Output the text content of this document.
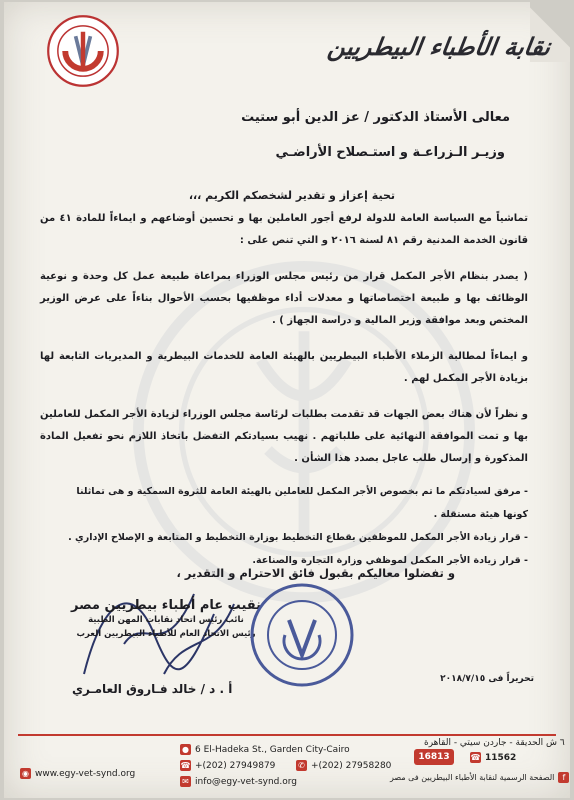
نقابة الأطباء البيطريين
معالى الأستاذ الدكتور / عز الدين أبو ستيت
وزيـر الـزراعـة و استـصلاح الأراضـي
تحية إعزاز و تقدير لشخصكم الكريم ،،،
تماشياً مع السياسة العامة للدولة لرفع أجور العاملين بها و تحسين أوضاعهم و ايماءاً للمادة ٤١ من قانون الخدمة المدنية رقم ٨١ لسنة ٢٠١٦ و التي تنص على :
( يصدر بنظام الأجر المكمل قرار من رئيس مجلس الوزراء بمراعاة طبيعة عمل كل وحدة و نوعية الوظائف بها و طبيعة اختصاصاتها و معدلات أداء موظفيها بحسب الأحوال بناءاً على عرض الوزير المختص وبعد موافقة وزير المالية و دراسة الجهاز ) .
و ايماءاً لمطالبة الزملاء الأطباء البيطريين بالهيئة العامة للخدمات البيطرية و المديريات التابعة لها بزيادة الأجر المكمل لهم .
و نظراً لأن هناك بعض الجهات قد تقدمت بطلبات لرئاسة مجلس الوزراء لزيادة الأجر المكمل للعاملين بها و تمت الموافقة النهائية على طلباتهم . نهيب بسيادتكم التفضل باتخاذ اللازم نحو تفعيل المادة المذكورة و إرسال طلب عاجل بصدد هذا الشأن .
- مرفق لسيادتكم ما تم بخصوص الأجر المكمل للعاملين بالهيئة العامة للثروة السمكية و هى تماثلنا كونها هيئة مستقلة .
- قرار زيادة الأجر المكمل للموظفين بقطاع التخطيط بوزارة التخطيط و المتابعة و الإصلاح الإداري .
- قرار زيادة الأجر المكمل لموظفي وزارة التجارة والصناعة.
و تفضلوا معاليكم بقبول فائق الاحترام و التقدير ،
نقيب عام أطباء بيطريين مصر
نائب رئيس اتحاد نقابات المهن الطبية
رئيس الاتحاد العام للأطباء البيطريين العرب
أ . د / خالد فـاروق العامـري
تحريراً فى ٢٠١٨/٧/١٥
◉ www.egy-vet-synd.org
● 6 El-Hadeka St., Garden City-Cairo
☎ +(202) 27949879	✆ +(202) 27958280
✉ info@egy-vet-synd.org
٦ ش الحديقة - جاردن سيتي - القاهرة
16813	☎ 11562
f
الصفحة الرسمية لنقابة الأطباء البيطريين فى مصر
